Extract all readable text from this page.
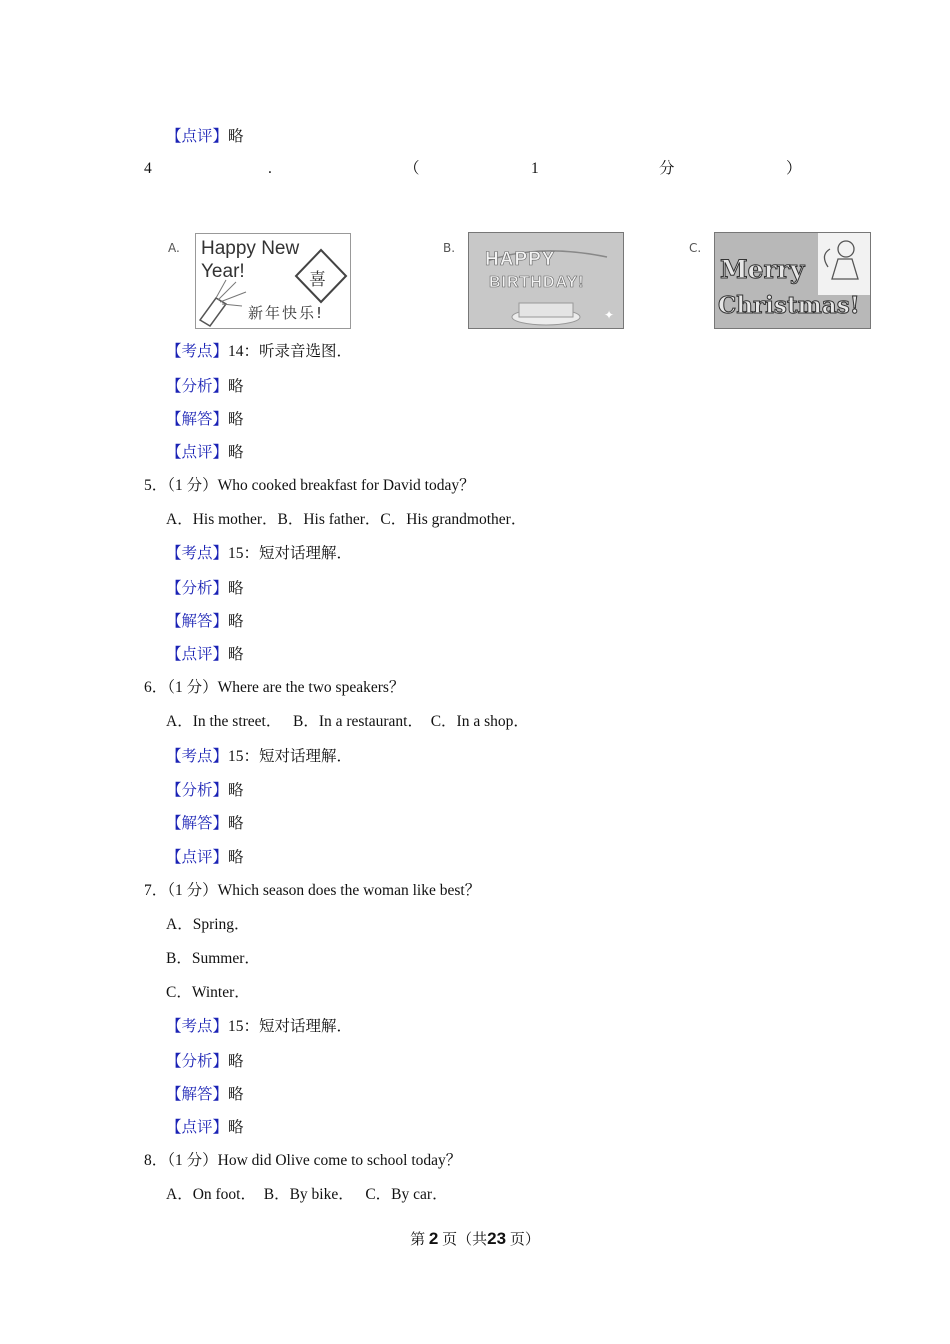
【点评】略
4	.	（	1	分	）
A. Happy New
Year!	喜
新年快乐!
B.
✦
HAPPY
BIRTHDAY!
C.
Merry
Christmas!
【考点】14：听录音选图．
【分析】略
【解答】略
【点评】略
5．（1 分）Who cooked breakfast for David today？
A．His mother．B．His father．C．His grandmother．
【考点】15：短对话理解．
【分析】略
【解答】略
【点评】略
6．（1 分）Where are the two speakers？
A．In the street．   B．In a restaurant．  C．In a shop．
【考点】15：短对话理解．
【分析】略
【解答】略
【点评】略
7．（1 分）Which season does the woman like best？
A．Spring．
B．Summer．
C．Winter．
【考点】15：短对话理解．
【分析】略
【解答】略
【点评】略
8．（1 分）How did Olive come to school today？
A．On foot．  B．By bike．   C．By car．
第 2 页（共23 页）
